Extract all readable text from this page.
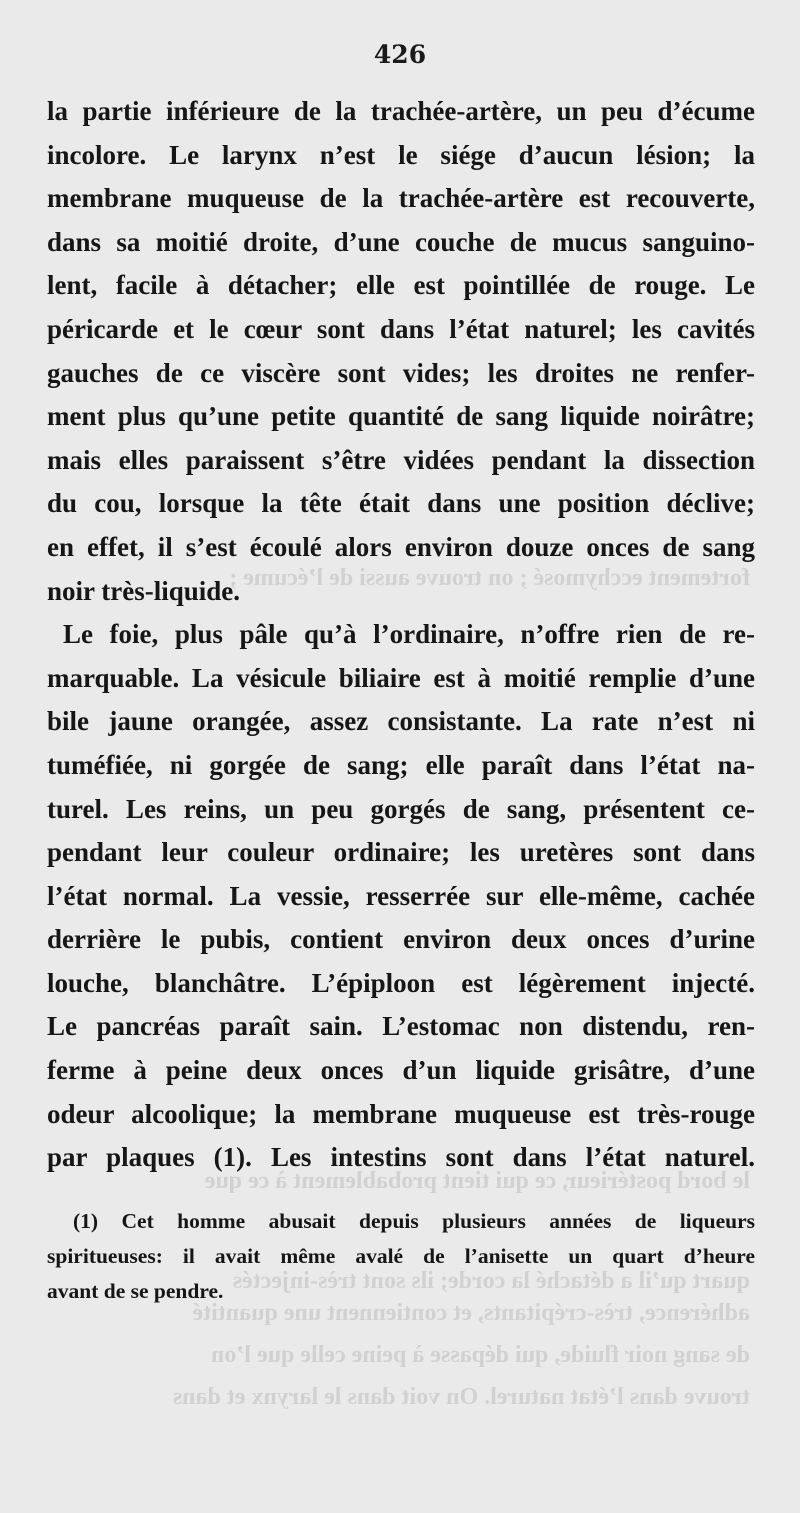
fortement ecchymosé ; on trouve aussi de l’écume ;
le bord postérieur, ce qui tient probablement à ce que
quart qu’il a détaché la corde; ils sont très-injectés
adhérence, très-crépitants, et contiennent une quantité
de sang noir fluide, qui dépasse à peine celle que l’on
trouve dans l’état naturel. On voit dans le larynx et dans
426
la partie inférieure de la trachée-artère, un peu d’écume
incolore. Le larynx n’est le siége d’aucun lésion; la
membrane muqueuse de la trachée-artère est recouverte,
dans sa moitié droite, d’une couche de mucus sanguino-
lent, facile à détacher; elle est pointillée de rouge. Le
péricarde et le cœur sont dans l’état naturel; les cavités
gauches de ce viscère sont vides; les droites ne renfer-
ment plus qu’une petite quantité de sang liquide noirâtre;
mais elles paraissent s’être vidées pendant la dissection
du cou, lorsque la tête était dans une position déclive;
en effet, il s’est écoulé alors environ douze onces de sang
noir très-liquide.
Le foie, plus pâle qu’à l’ordinaire, n’offre rien de re-
marquable. La vésicule biliaire est à moitié remplie d’une
bile jaune orangée, assez consistante. La rate n’est ni
tuméfiée, ni gorgée de sang; elle paraît dans l’état na-
turel. Les reins, un peu gorgés de sang, présentent ce-
pendant leur couleur ordinaire; les uretères sont dans
l’état normal. La vessie, resserrée sur elle-même, cachée
derrière le pubis, contient environ deux onces d’urine
louche, blanchâtre. L’épiploon est légèrement injecté.
Le pancréas paraît sain. L’estomac non distendu, ren-
ferme à peine deux onces d’un liquide grisâtre, d’une
odeur alcoolique; la membrane muqueuse est très-rouge
par plaques (1). Les intestins sont dans l’état naturel.
(1) Cet homme abusait depuis plusieurs années de liqueurs
spiritueuses: il avait même avalé de l’anisette un quart d’heure
avant de se pendre.
